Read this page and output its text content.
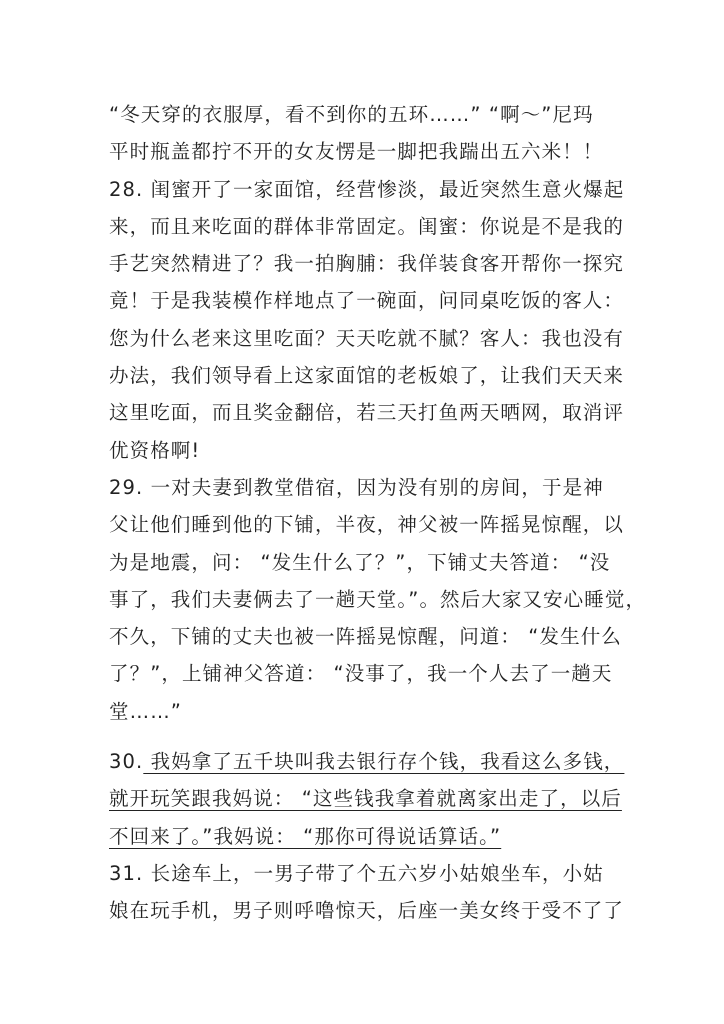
“冬天穿的衣服厚，看不到你的五环……” “啊～”尼玛
平时瓶盖都拧不开的女友愣是一脚把我踹出五六米！！
28. 闺蜜开了一家面馆，经营惨淡，最近突然生意火爆起
来，而且来吃面的群体非常固定。闺蜜：你说是不是我的
手艺突然精进了？我一拍胸脯：我佯装食客开帮你一探究
竟！于是我装模作样地点了一碗面，问同桌吃饭的客人：
您为什么老来这里吃面？天天吃就不腻？客人：我也没有
办法，我们领导看上这家面馆的老板娘了，让我们天天来
这里吃面，而且奖金翻倍，若三天打鱼两天晒网，取消评
优资格啊!
29. 一对夫妻到教堂借宿，因为没有别的房间，于是神
父让他们睡到他的下铺，半夜，神父被一阵摇晃惊醒，以
为是地震，问： “发生什么了？”，下铺丈夫答道： “没
事了，我们夫妻俩去了一趟天堂。”。然后大家又安心睡觉，
不久，下铺的丈夫也被一阵摇晃惊醒，问道： “发生什么
了？”，上铺神父答道： “没事了，我一个人去了一趟天
堂……”
30. 我妈拿了五千块叫我去银行存个钱，我看这么多钱，
就开玩笑跟我妈说： “这些钱我拿着就离家出走了，以后
不回来了。”我妈说： “那你可得说话算话。”
31. 长途车上，一男子带了个五六岁小姑娘坐车，小姑
娘在玩手机，男子则呼噜惊天，后座一美女终于受不了了
